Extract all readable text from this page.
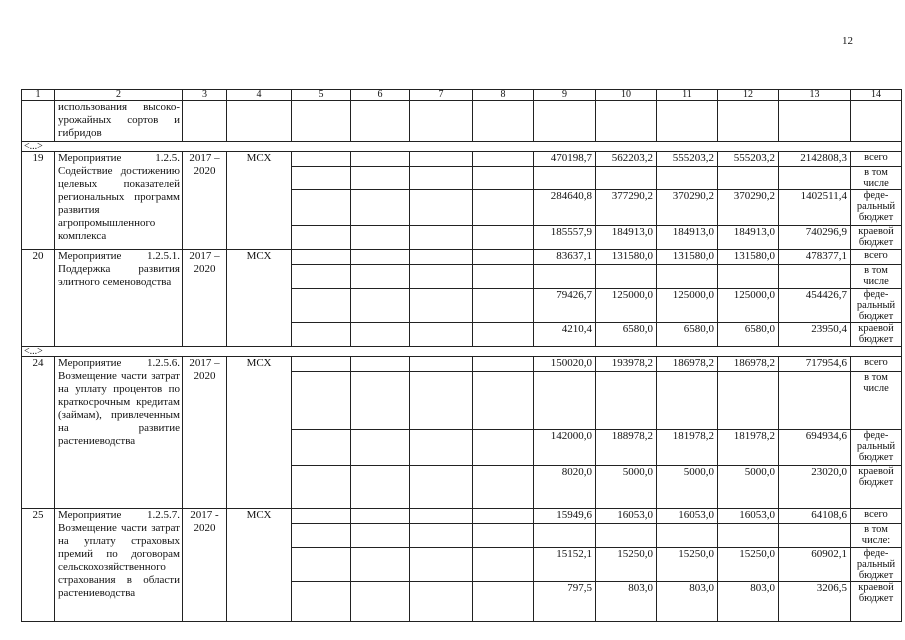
12
1	2	3	4	5	6	7	8	9	10	11	12	13	14
	использования высоко-урожайных сортов и гибридов												
<...>													
19	Мероприятие 1.2.5. Содействие достижению целевых показателей региональных программ развития агропромышленного комплекса	2017 – 2020	МСХ					470198,7	562203,2	555203,2	555203,2	2142808,3	всего
													в том числе
								284640,8	377290,2	370290,2	370290,2	1402511,4	феде-ральный бюджет
								185557,9	184913,0	184913,0	184913,0	740296,9	краевой бюджет
20	Мероприятие 1.2.5.1. Поддержка развития элитного семеноводства	2017 – 2020	МСХ					83637,1	131580,0	131580,0	131580,0	478377,1	всего
													в том числе
								79426,7	125000,0	125000,0	125000,0	454426,7	феде-ральный бюджет
								4210,4	6580,0	6580,0	6580,0	23950,4	краевой бюджет
<...>													
24	Мероприятие 1.2.5.6. Возмещение части затрат на уплату процентов по краткосрочным кредитам (займам), привлеченным на развитие растениеводства	2017 – 2020	МСХ					150020,0	193978,2	186978,2	186978,2	717954,6	всего
													в том числе
								142000,0	188978,2	181978,2	181978,2	694934,6	феде-ральный бюджет
								8020,0	5000,0	5000,0	5000,0	23020,0	краевой бюджет
25	Мероприятие 1.2.5.7. Возмещение части затрат на уплату страховых премий по договорам сельскохозяйственного страхования в области растениеводства	2017 - 2020	МСХ					15949,6	16053,0	16053,0	16053,0	64108,6	всего
													в том числе:
								15152,1	15250,0	15250,0	15250,0	60902,1	феде-ральный бюджет
								797,5	803,0	803,0	803,0	3206,5	краевой бюджет
